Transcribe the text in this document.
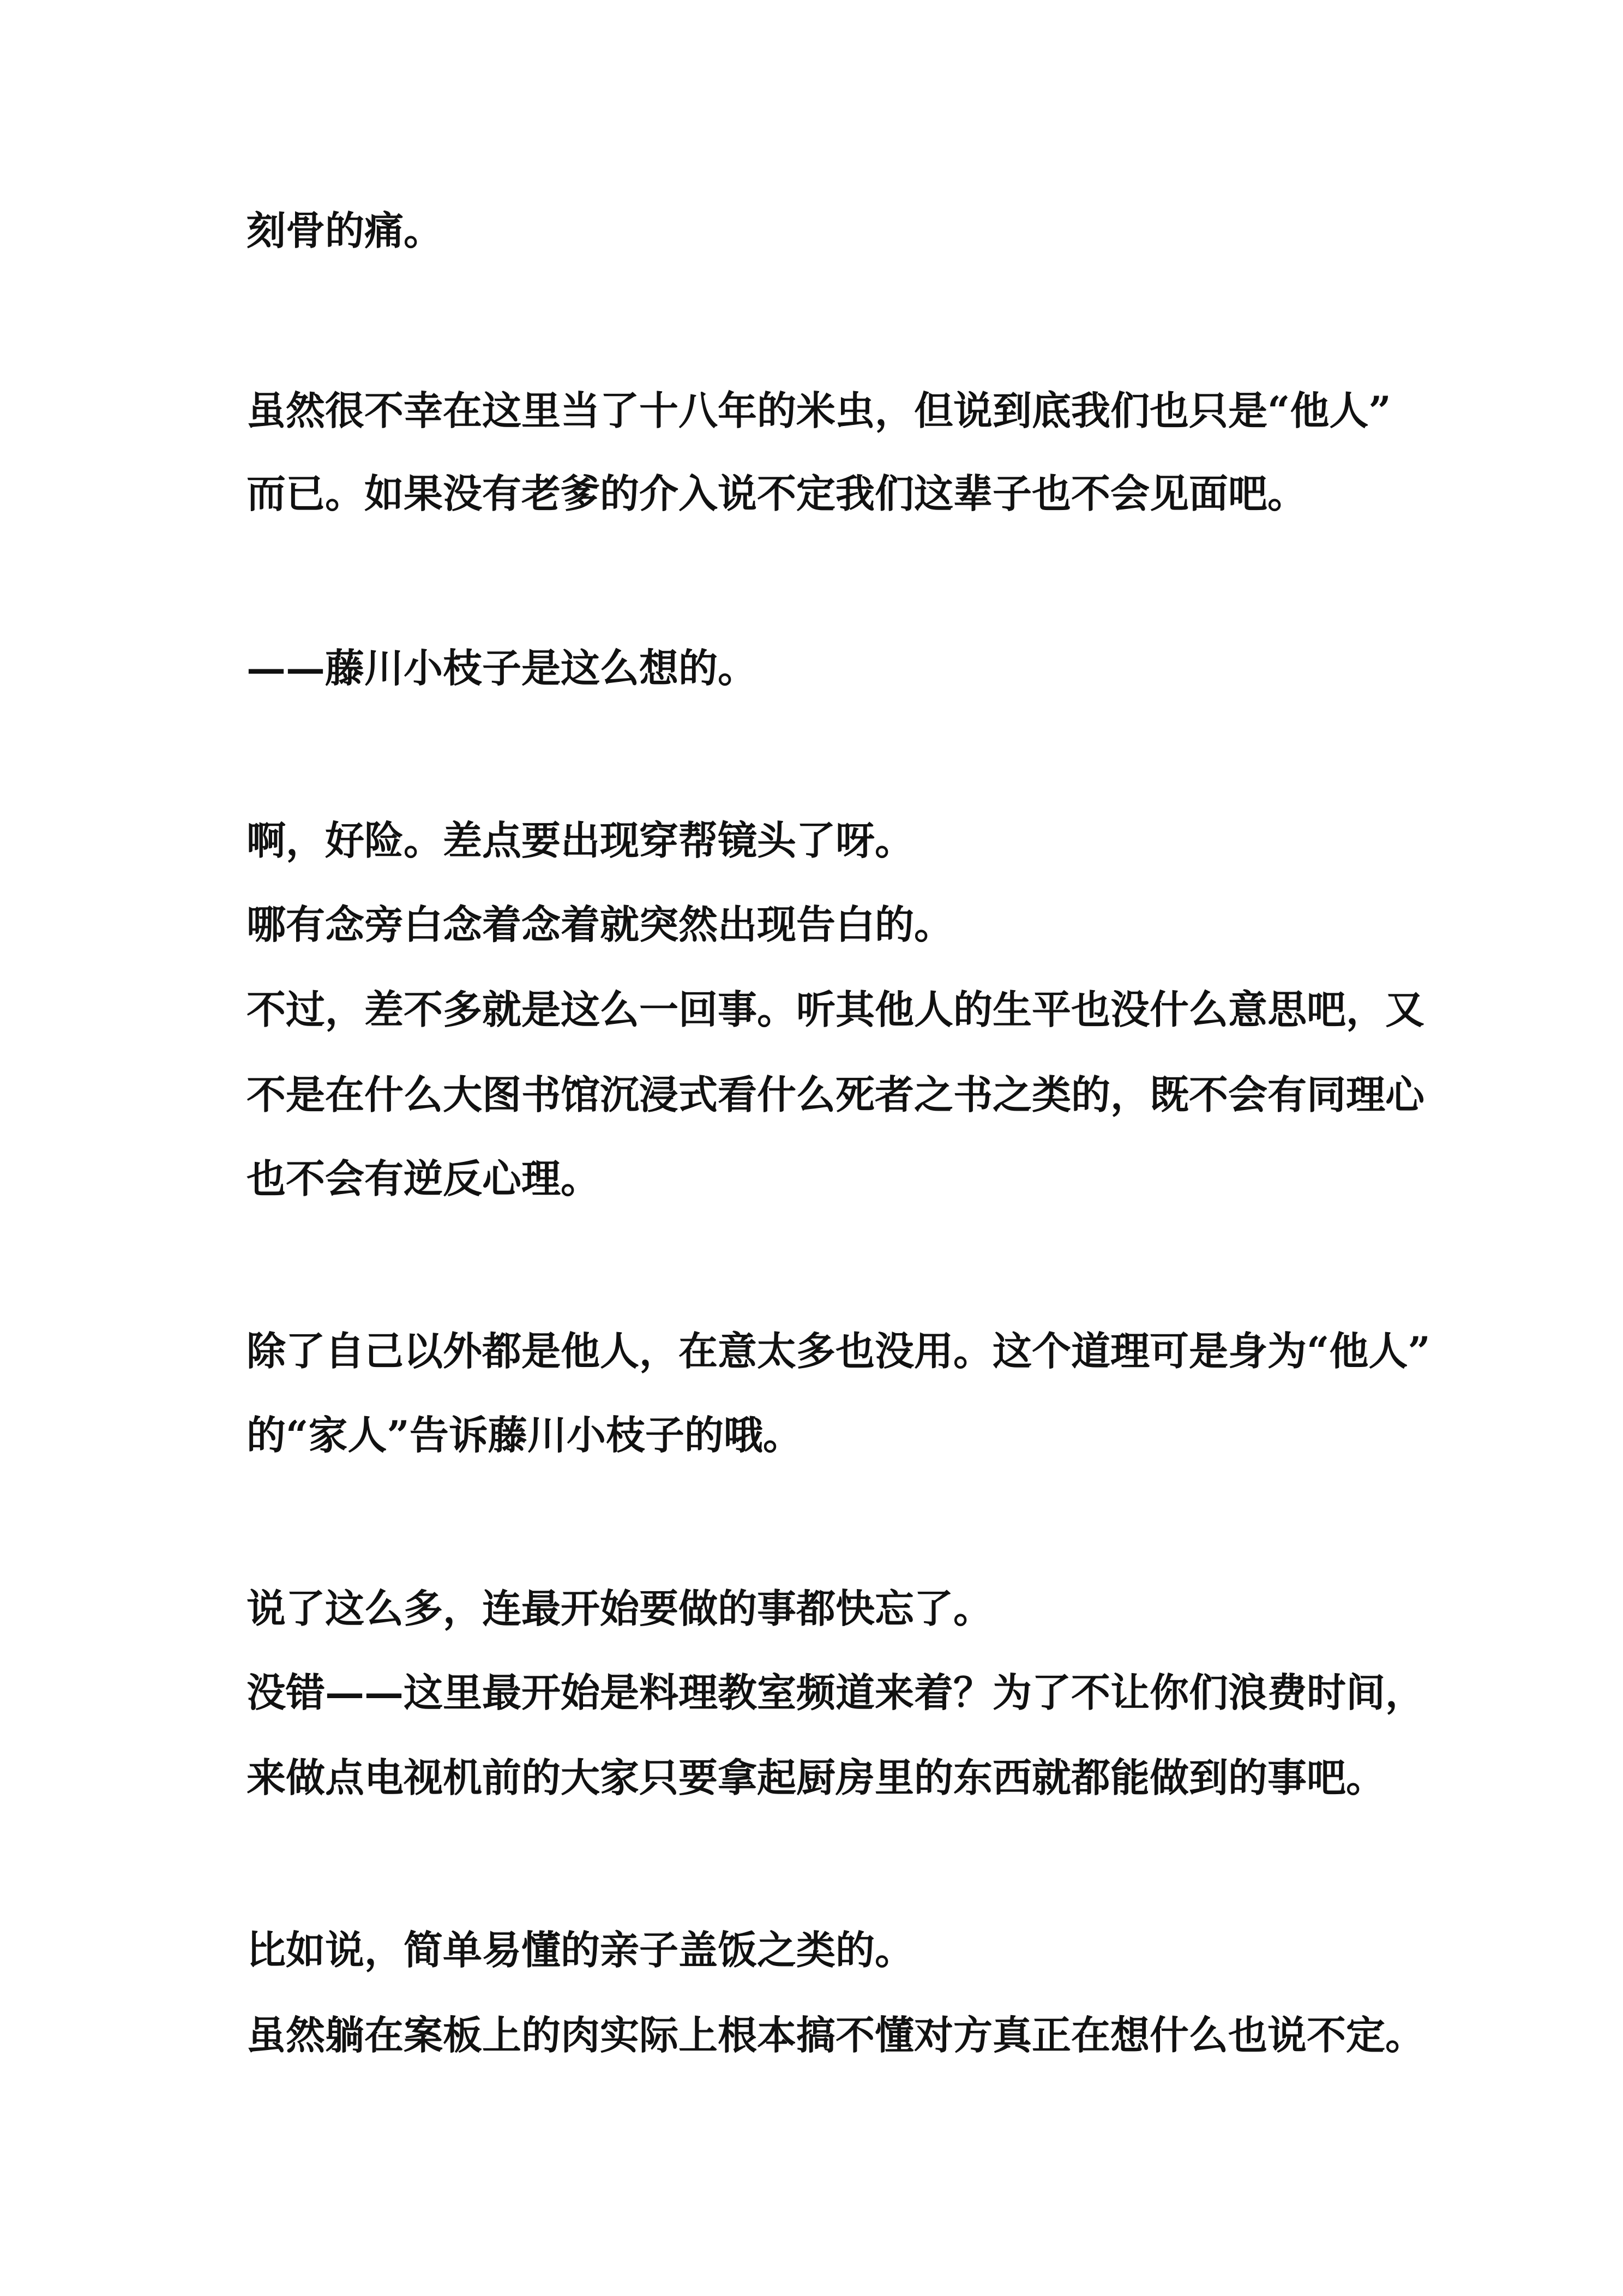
刻骨的痛。
虽然很不幸在这里当了十八年的米虫，但说到底我们也只是“他人”
而已。如果没有老爹的介入说不定我们这辈子也不会见面吧。
——藤川小枝子是这么想的。
啊，好险。差点要出现穿帮镜头了呀。
哪有念旁白念着念着就突然出现告白的。
不过，差不多就是这么一回事。听其他人的生平也没什么意思吧，又
不是在什么大图书馆沉浸式看什么死者之书之类的，既不会有同理心
也不会有逆反心理。
除了自己以外都是他人，在意太多也没用。这个道理可是身为“他人”
的“家人”告诉藤川小枝子的哦。
说了这么多，连最开始要做的事都快忘了。
没错——这里最开始是料理教室频道来着？为了不让你们浪费时间，
来做点电视机前的大家只要拿起厨房里的东西就都能做到的事吧。
比如说，简单易懂的亲子盖饭之类的。
虽然躺在案板上的肉实际上根本搞不懂对方真正在想什么也说不定。
